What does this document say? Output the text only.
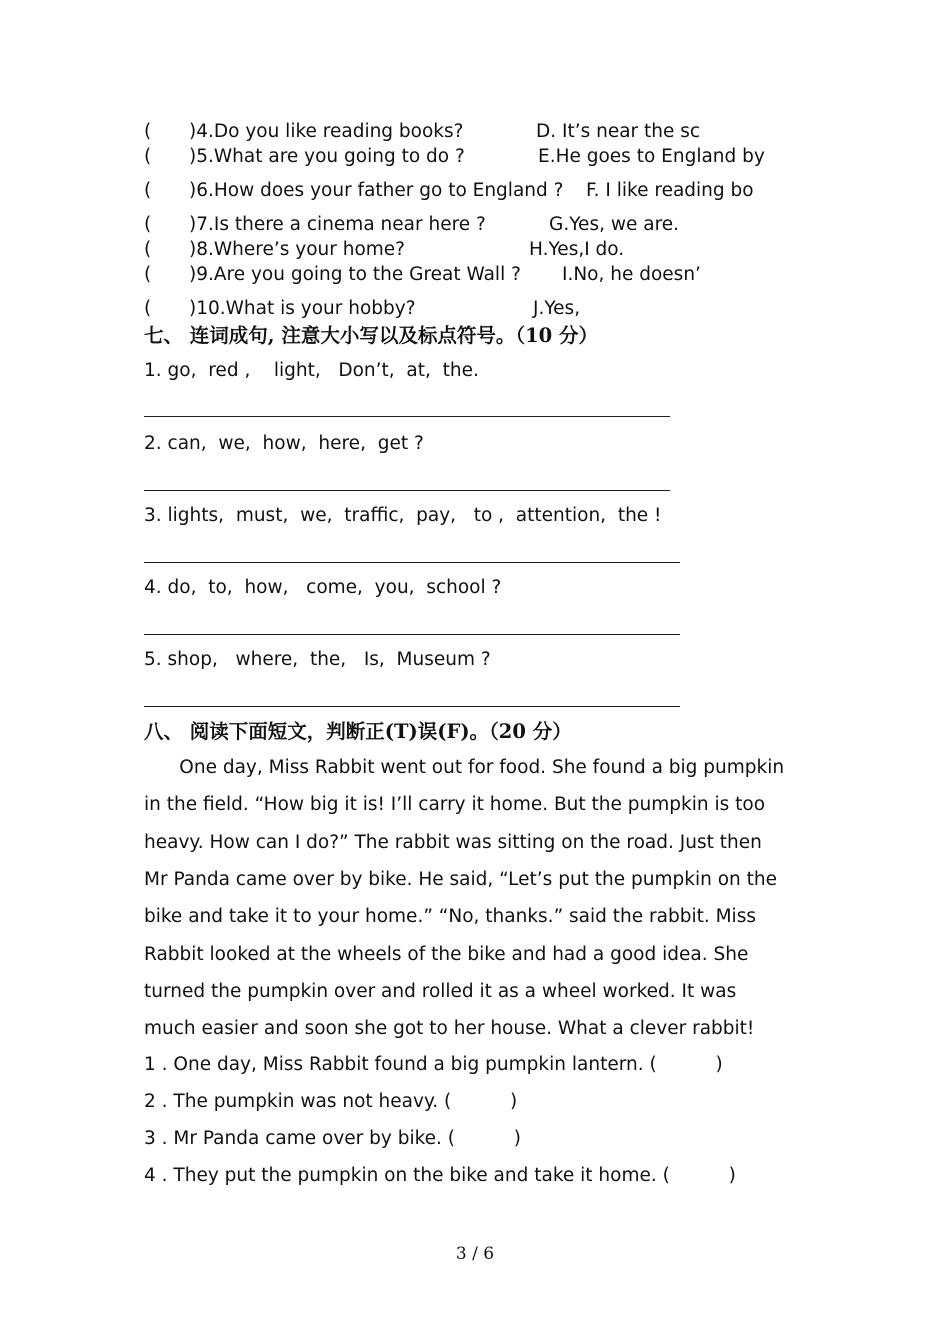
( )4.Do you like reading books?	D. It’s near the sc
( )5.What are you going to do ?	E.He goes to England by
( )6.How does your father go to England ? F. I like reading bo
( )7.Is there a cinema near here ?	G.Yes, we are.
( )8.Where’s your home?	H.Yes,I do.
( )9.Are you going to the Great Wall ? I.No, he doesn’
( )10.What is your hobby?	J.Yes,
七、 连词成句, 注意大小写以及标点符号。（10 分）
1. go,  red ,    light,   Don’t,  at,  the.
2. can,  we,  how,  here,  get ?
3. lights,  must,  we,  traffic,  pay,   to ,  attention,  the !
4. do,  to,  how,   come,  you,  school ?
5. shop,   where,  the,   Is,  Museum ?
八、 阅读下面短文，判断正(T)误(F)。（20 分）
One day, Miss Rabbit went out for food. She found a big pumpkin
in the field. “How big it is! I’ll carry it home. But the pumpkin is too
heavy. How can I do?” The rabbit was sitting on the road. Just then
Mr Panda came over by bike. He said, “Let’s put the pumpkin on the
bike and take it to your home.” “No, thanks.” said the rabbit. Miss
Rabbit looked at the wheels of the bike and had a good idea. She
turned the pumpkin over and rolled it as a wheel worked. It was
much easier and soon she got to her house. What a clever rabbit!
1 . One day, Miss Rabbit found a big pumpkin lantern. (          )
2 . The pumpkin was not heavy. (          )
3 . Mr Panda came over by bike. (          )
4 . They put the pumpkin on the bike and take it home. (          )
3 / 6
